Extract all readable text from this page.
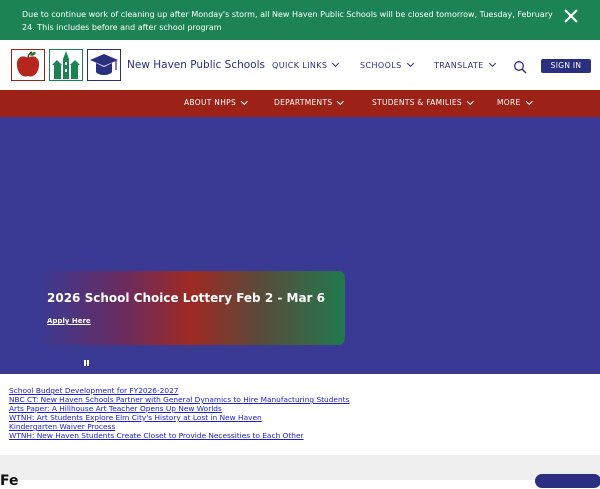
Due to continue work of cleaning up after Monday's storm, all New Haven Public Schools will be closed tomorrow, Tuesday, February 24. This includes before and after school program
New Haven Public Schools QUICK LINKS	SCHOOLS	TRANSLATE	SIGN IN
ABOUT NHPS	DEPARTMENTS	STUDENTS & FAMILIES	MORE
2026 School Choice Lottery Feb 2 - Mar 6
Apply Here
School Budget Development for FY2026-2027
NBC CT: New Haven Schools Partner with General Dynamics to Hire Manufacturing Students
Arts Paper: A Hillhouse Art Teacher Opens Up New Worlds
WTNH: Art Students Explore Elm City's History at Lost in New Haven
Kindergarten Waiver Process
WTNH: New Haven Students Create Closet to Provide Necessities to Each Other
Fe
